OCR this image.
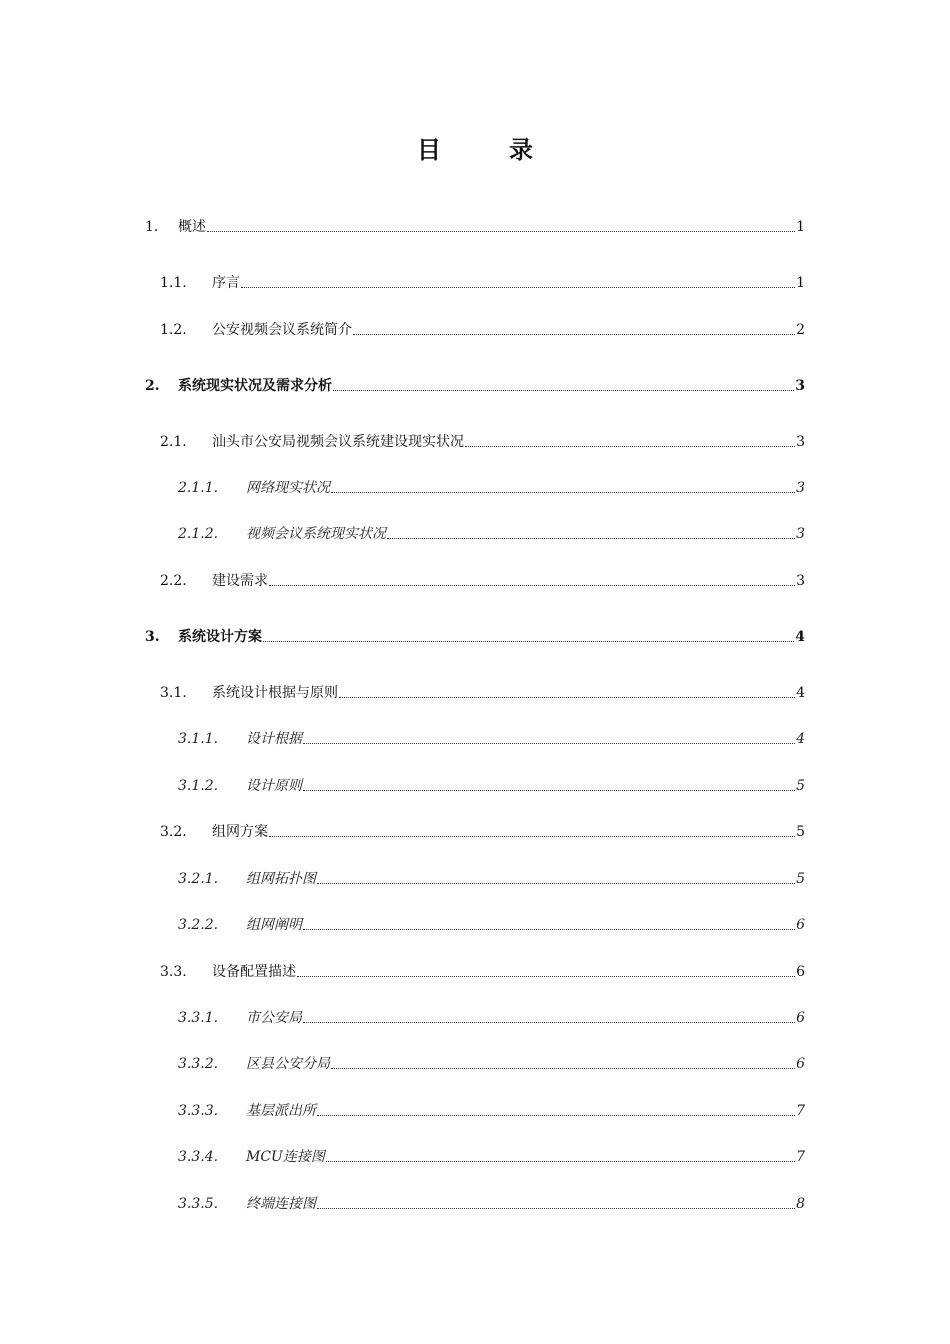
目　录
1.	概述	1
1.1.	序言	1
1.2.	公安视频会议系统简介	2
2.	系统现实状况及需求分析	3
2.1.	汕头市公安局视频会议系统建设现实状况	3
2.1.1.	网络现实状况	3
2.1.2.	视频会议系统现实状况	3
2.2.	建设需求	3
3.	系统设计方案	4
3.1.	系统设计根据与原则	4
3.1.1.	设计根据	4
3.1.2.	设计原则	5
3.2.	组网方案	5
3.2.1.	组网拓扑图	5
3.2.2.	组网阐明	6
3.3.	设备配置描述	6
3.3.1.	市公安局	6
3.3.2.	区县公安分局	6
3.3.3.	基层派出所	7
3.3.4.	MCU连接图	7
3.3.5.	终端连接图	8
